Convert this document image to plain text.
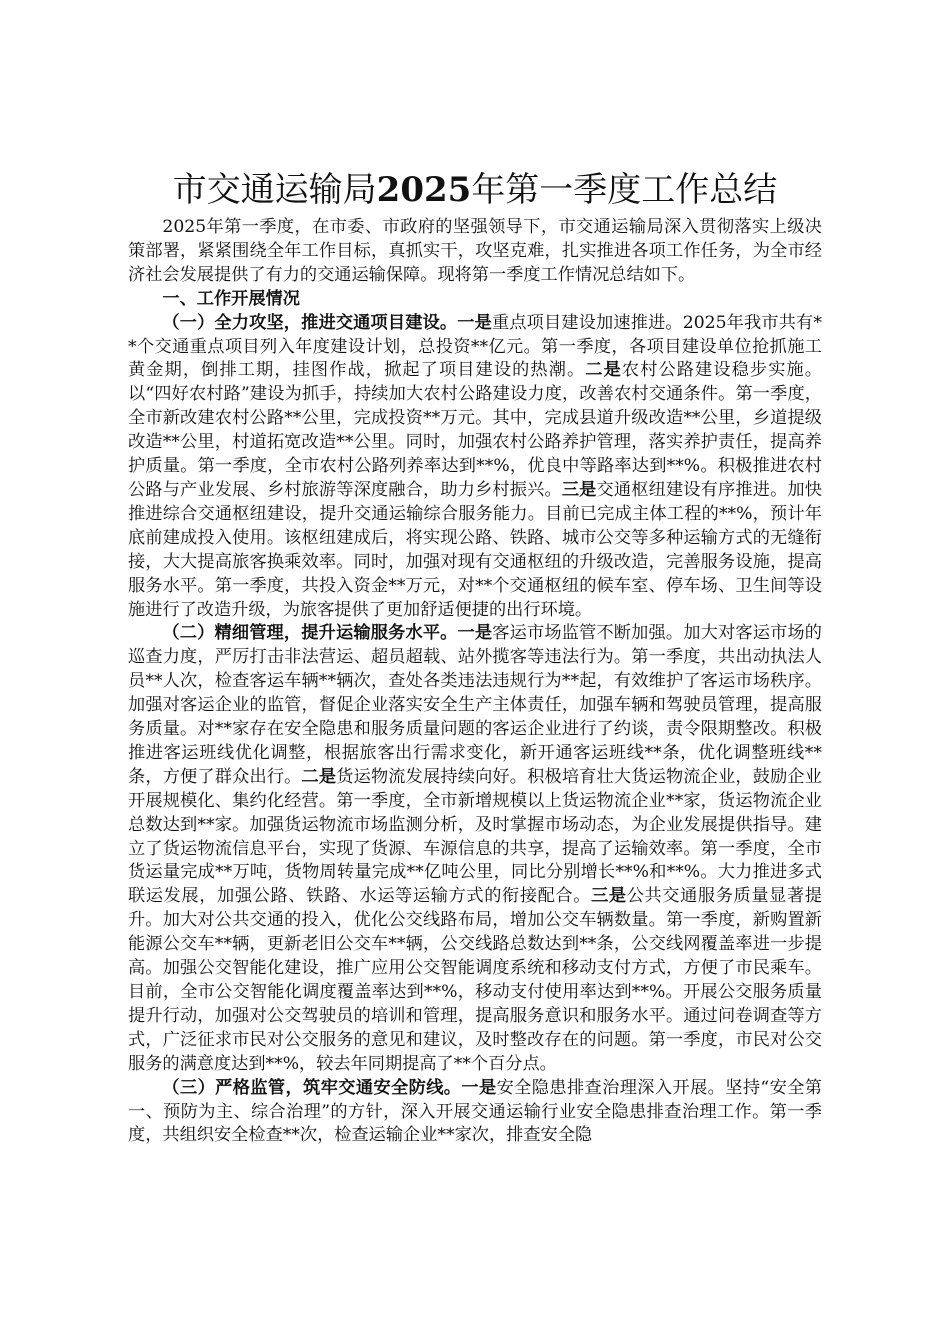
市交通运输局2025年第一季度工作总结

2025年第一季度，在市委、市政府的坚强领导下，市交通运输局深入贯彻落实上级决策部署，紧紧围绕全年工作目标，真抓实干，攻坚克难，扎实推进各项工作任务，为全市经济社会发展提供了有力的交通运输保障。现将第一季度工作情况总结如下。

一、工作开展情况

（一）全力攻坚，推进交通项目建设。一是重点项目建设加速推进。2025年我市共有**个交通重点项目列入年度建设计划，总投资**亿元。第一季度，各项目建设单位抢抓施工黄金期，倒排工期，挂图作战，掀起了项目建设的热潮。二是农村公路建设稳步实施。以“四好农村路”建设为抓手，持续加大农村公路建设力度，改善农村交通条件。第一季度，全市新改建农村公路**公里，完成投资**万元。其中，完成县道升级改造**公里，乡道提级改造**公里，村道拓宽改造**公里。同时，加强农村公路养护管理，落实养护责任，提高养护质量。第一季度，全市农村公路列养率达到**%，优良中等路率达到**%。积极推进农村公路与产业发展、乡村旅游等深度融合，助力乡村振兴。三是交通枢纽建设有序推进。加快推进综合交通枢纽建设，提升交通运输综合服务能力。目前已完成主体工程的**%，预计年底前建成投入使用。该枢纽建成后，将实现公路、铁路、城市公交等多种运输方式的无缝衔接，大大提高旅客换乘效率。同时，加强对现有交通枢纽的升级改造，完善服务设施，提高服务水平。第一季度，共投入资金**万元，对**个交通枢纽的候车室、停车场、卫生间等设施进行了改造升级，为旅客提供了更加舒适便捷的出行环境。

（二）精细管理，提升运输服务水平。一是客运市场监管不断加强。加大对客运市场的巡查力度，严厉打击非法营运、超员超载、站外揽客等违法行为。第一季度，共出动执法人员**人次，检查客运车辆**辆次，查处各类违法违规行为**起，有效维护了客运市场秩序。加强对客运企业的监管，督促企业落实安全生产主体责任，加强车辆和驾驶员管理，提高服务质量。对**家存在安全隐患和服务质量问题的客运企业进行了约谈，责令限期整改。积极推进客运班线优化调整，根据旅客出行需求变化，新开通客运班线**条，优化调整班线**条，方便了群众出行。二是货运物流发展持续向好。积极培育壮大货运物流企业，鼓励企业开展规模化、集约化经营。第一季度，全市新增规模以上货运物流企业**家，货运物流企业总数达到**家。加强货运物流市场监测分析，及时掌握市场动态，为企业发展提供指导。建立了货运物流信息平台，实现了货源、车源信息的共享，提高了运输效率。第一季度，全市货运量完成**万吨，货物周转量完成**亿吨公里，同比分别增长**%和**%。大力推进多式联运发展，加强公路、铁路、水运等运输方式的衔接配合。三是公共交通服务质量显著提升。加大对公共交通的投入，优化公交线路布局，增加公交车辆数量。第一季度，新购置新能源公交车**辆，更新老旧公交车**辆，公交线路总数达到**条，公交线网覆盖率进一步提高。加强公交智能化建设，推广应用公交智能调度系统和移动支付方式，方便了市民乘车。目前，全市公交智能化调度覆盖率达到**%，移动支付使用率达到**%。开展公交服务质量提升行动，加强对公交驾驶员的培训和管理，提高服务意识和服务水平。通过问卷调查等方式，广泛征求市民对公交服务的意见和建议，及时整改存在的问题。第一季度，市民对公交服务的满意度达到**%，较去年同期提高了**个百分点。

（三）严格监管，筑牢交通安全防线。一是安全隐患排查治理深入开展。坚持“安全第一、预防为主、综合治理”的方针，深入开展交通运输行业安全隐患排查治理工作。第一季度，共组织安全检查**次，检查运输企业**家次，排查安全隐
